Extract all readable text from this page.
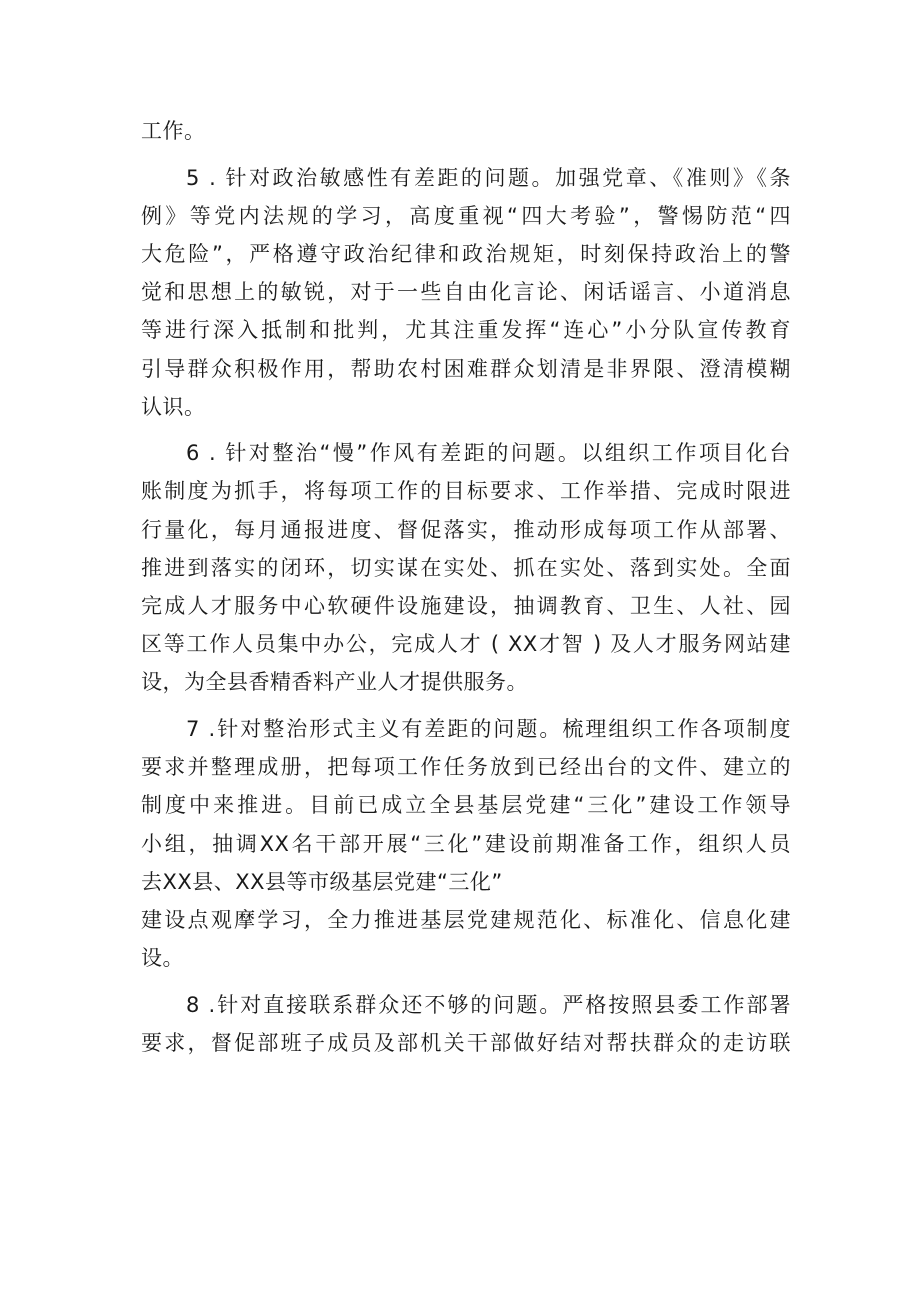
工作。
5 . 针对政治敏感性有差距的问题。加强党章、《准则》《条
例》等党内法规的学习，高度重视“四大考验”，警惕防范“四
大危险”，严格遵守政治纪律和政治规矩，时刻保持政治上的警
觉和思想上的敏锐，对于一些自由化言论、闲话谣言、小道消息
等进行深入抵制和批判，尤其注重发挥“连心”小分队宣传教育
引导群众积极作用，帮助农村困难群众划清是非界限、澄清模糊
认识。
6 . 针对整治“慢”作风有差距的问题。以组织工作项目化台
账制度为抓手，将每项工作的目标要求、工作举措、完成时限进
行量化，每月通报进度、督促落实，推动形成每项工作从部署、
推进到落实的闭环，切实谋在实处、抓在实处、落到实处。全面
完成人才服务中心软硬件设施建设，抽调教育、卫生、人社、园
区等工作人员集中办公，完成人才 ( XX才智 ) 及人才服务网站建
设，为全县香精香料产业人才提供服务。
7 .针对整治形式主义有差距的问题。梳理组织工作各项制度
要求并整理成册，把每项工作任务放到已经出台的文件、建立的
制度中来推进。目前已成立全县基层党建“三化”建设工作领导
小组，抽调XX名干部开展“三化”建设前期准备工作，组织人员
去XX县、XX县等市级基层党建“三化”
建设点观摩学习，全力推进基层党建规范化、标准化、信息化建
设。
8 .针对直接联系群众还不够的问题。严格按照县委工作部署
要求，督促部班子成员及部机关干部做好结对帮扶群众的走访联
